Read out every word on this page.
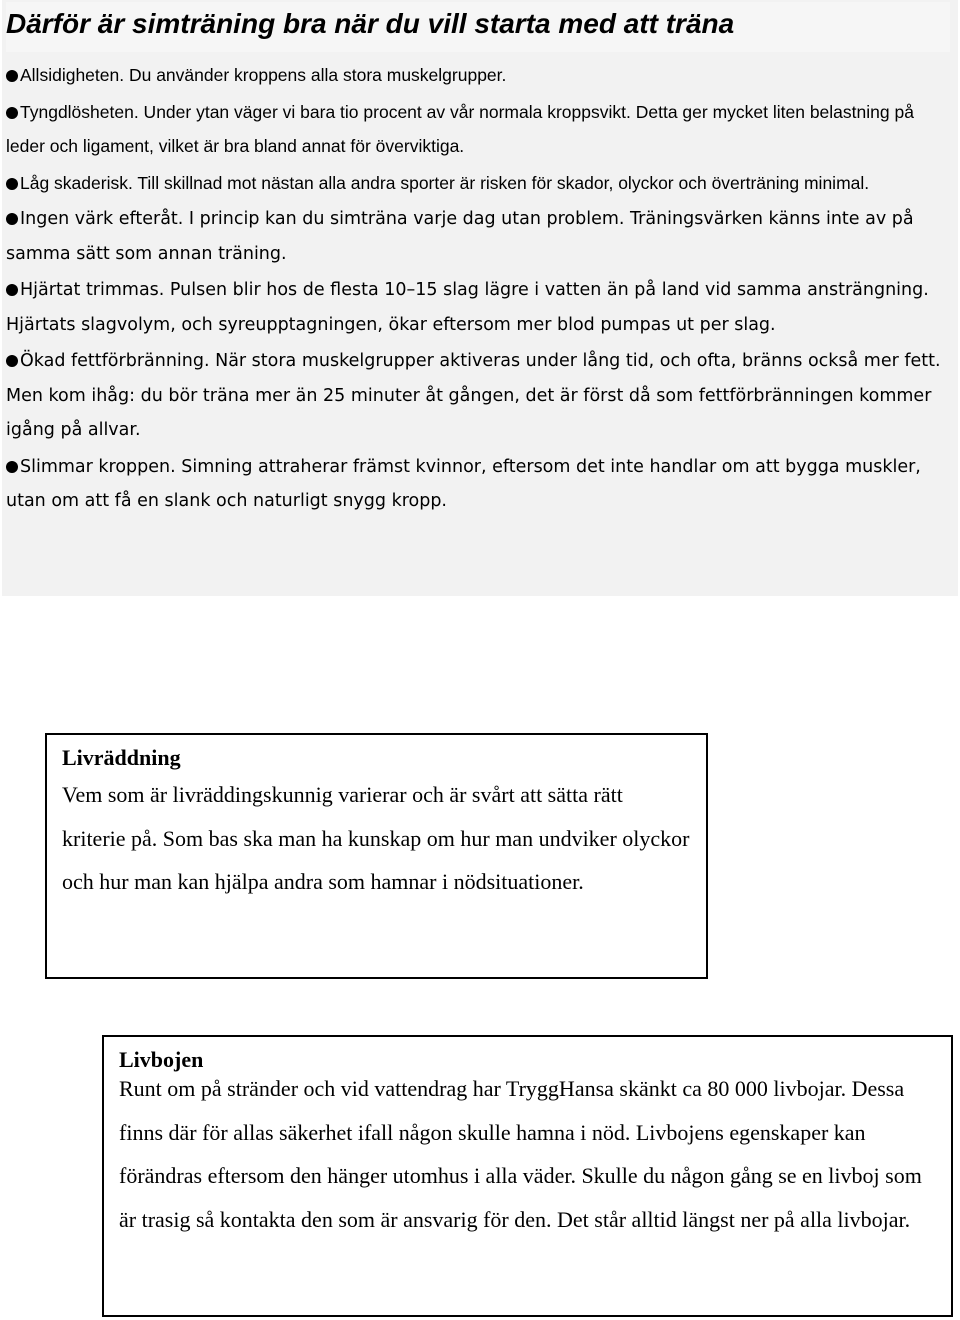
Därför är simträning bra när du vill starta med att träna
Allsidigheten. Du använder kroppens alla stora muskelgrupper.
Tyngdlösheten. Under ytan väger vi bara tio procent av vår normala kroppsvikt. Detta ger mycket liten belastning på leder och ligament, vilket är bra bland annat för överviktiga.
Låg skaderisk. Till skillnad mot nästan alla andra sporter är risken för skador, olyckor och överträning minimal.
Ingen värk efteråt. I princip kan du simträna varje dag utan problem. Träningsvärken känns inte av på samma sätt som annan träning.
Hjärtat trimmas. Pulsen blir hos de flesta 10–15 slag lägre i vatten än på land vid samma ansträngning. Hjärtats slagvolym, och syreupptagningen, ökar eftersom mer blod pumpas ut per slag.
Ökad fettförbränning. När stora muskelgrupper aktiveras under lång tid, och ofta, bränns också mer fett. Men kom ihåg: du bör träna mer än 25 minuter åt gången, det är först då som fettförbränningen kommer igång på allvar.
Slimmar kroppen. Simning attraherar främst kvinnor, eftersom det inte handlar om att bygga muskler, utan om att få en slank och naturligt snygg kropp.

Livräddning

Vem som är livräddingskunnig varierar och är svårt att sätta rätt kriterie på. Som bas ska man ha kunskap om hur man undviker olyckor och hur man kan hjälpa andra som hamnar i nödsituationer.

Livbojen

Runt om på stränder och vid vattendrag har TryggHansa skänkt ca 80 000 livbojar. Dessa finns där för allas säkerhet ifall någon skulle hamna i nöd. Livbojens egenskaper kan förändras eftersom den hänger utomhus i alla väder. Skulle du någon gång se en livboj som är trasig så kontakta den som är ansvarig för den. Det står alltid längst ner på alla livbojar.
